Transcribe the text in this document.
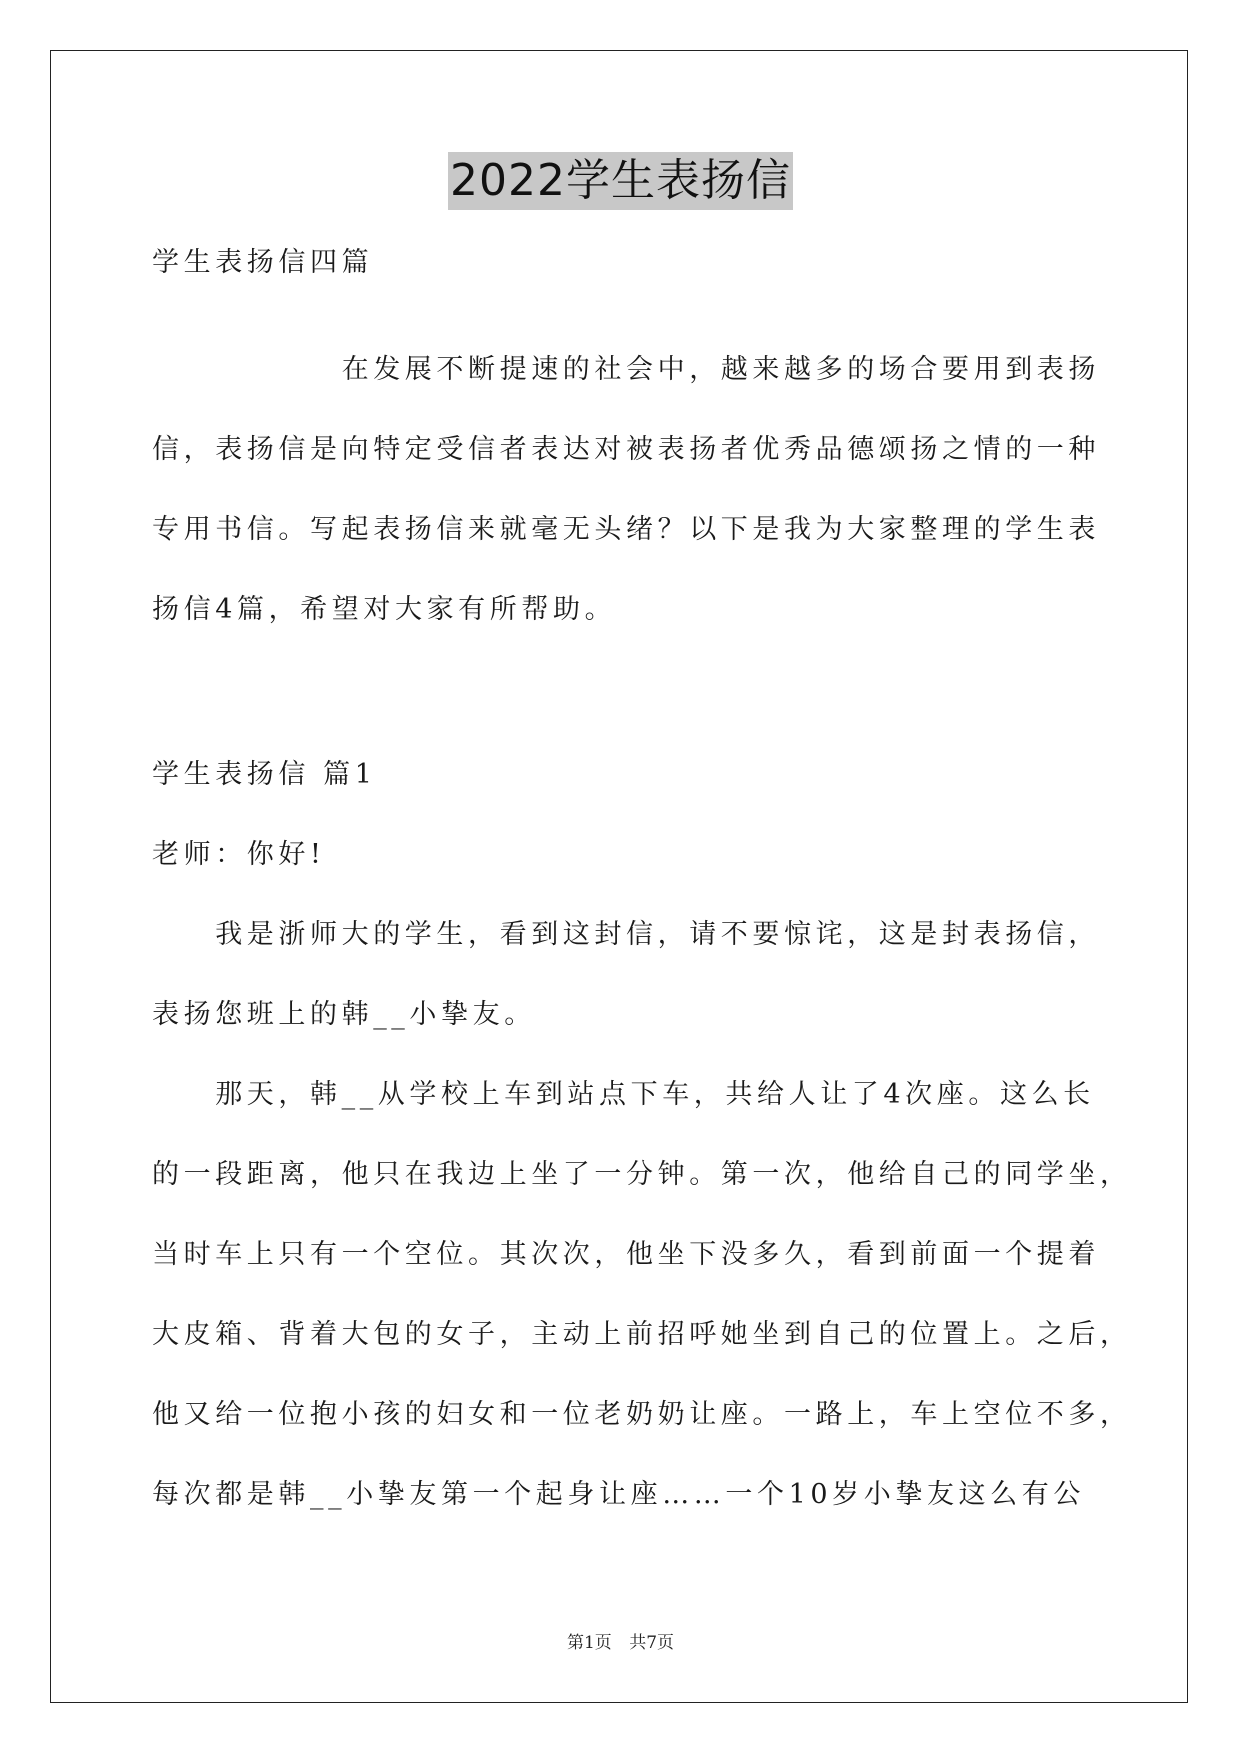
2022学生表扬信
学生表扬信四篇
　　　　　　在发展不断提速的社会中，越来越多的场合要用到表扬
信，表扬信是向特定受信者表达对被表扬者优秀品德颂扬之情的一种
专用书信。写起表扬信来就毫无头绪？以下是我为大家整理的学生表
扬信4篇，希望对大家有所帮助。
学生表扬信 篇1
老师：你好!
　　我是浙师大的学生，看到这封信，请不要惊诧，这是封表扬信，
表扬您班上的韩__小挚友。
　　那天，韩__从学校上车到站点下车，共给人让了4次座。这么长
的一段距离，他只在我边上坐了一分钟。第一次，他给自己的同学坐，
当时车上只有一个空位。其次次，他坐下没多久，看到前面一个提着
大皮箱、背着大包的女子，主动上前招呼她坐到自己的位置上。之后，
他又给一位抱小孩的妇女和一位老奶奶让座。一路上，车上空位不多，
每次都是韩__小挚友第一个起身让座……一个10岁小挚友这么有公
第1页 共7页
